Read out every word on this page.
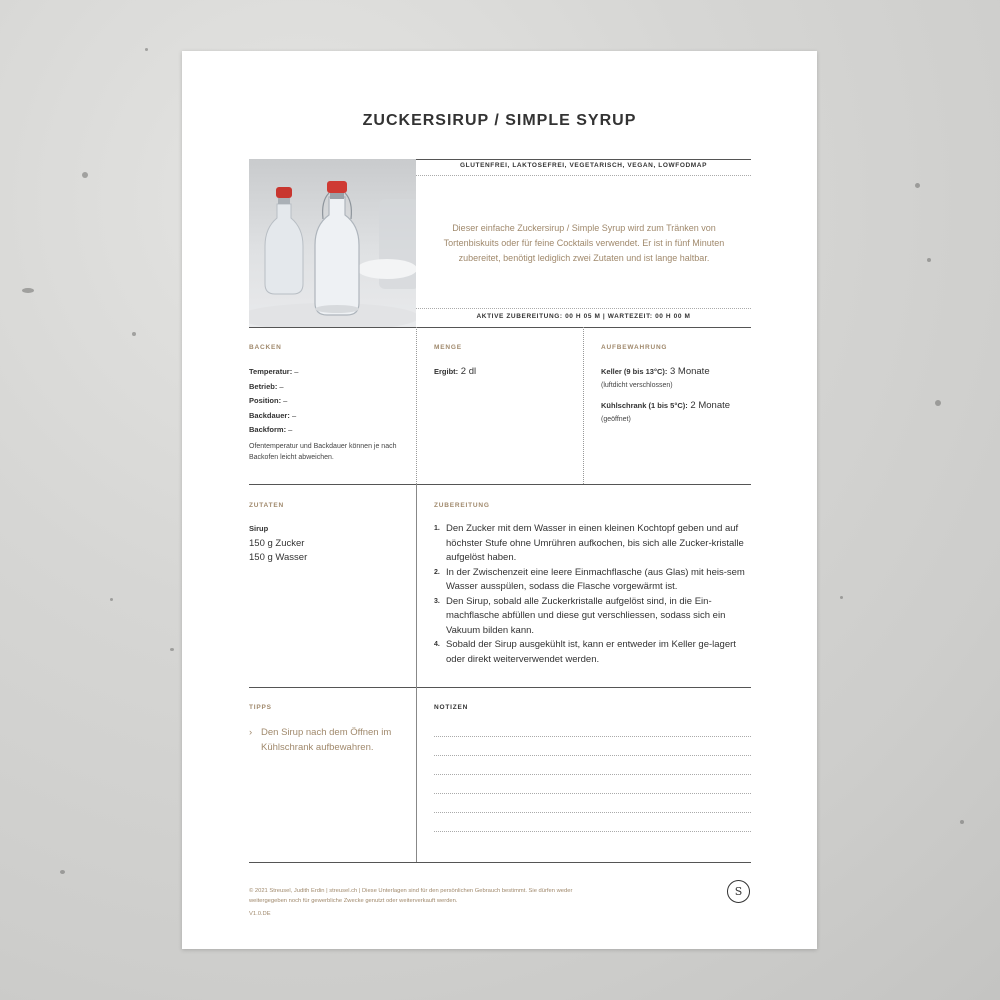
ZUCKERSIRUP / SIMPLE SYRUP
GLUTENFREI, LAKTOSEFREI, VEGETARISCH, VEGAN, LOWFODMAP
Dieser einfache Zuckersirup / Simple Syrup wird zum Tränken von Tortenbiskuits oder für feine Cocktails verwendet. Er ist in fünf Minuten zubereitet, benötigt lediglich zwei Zutaten und ist lange haltbar.
AKTIVE ZUBEREITUNG: 00 H 05 M | WARTEZEIT: 00 H 00 M
BACKEN
Temperatur: –
Betrieb: –
Position: –
Backdauer: –
Backform: –
Ofentemperatur und Backdauer können je nach Backofen leicht abweichen.
MENGE
Ergibt: 2 dl
AUFBEWAHRUNG
Keller (9 bis 13°C): 3 Monate
(luftdicht verschlossen)
Kühlschrank (1 bis 5°C): 2 Monate
(geöffnet)
ZUTATEN
Sirup
150 g Zucker
150 g Wasser
ZUBEREITUNG
1. Den Zucker mit dem Wasser in einen kleinen Kochtopf geben und auf höchster Stufe ohne Umrühren aufkochen, bis sich alle Zucker-kristalle aufgelöst haben.
2. In der Zwischenzeit eine leere Einmachflasche (aus Glas) mit heis-sem Wasser ausspülen, sodass die Flasche vorgewärmt ist.
3. Den Sirup, sobald alle Zuckerkristalle aufgelöst sind, in die Ein-machflasche abfüllen und diese gut verschliessen, sodass sich ein Vakuum bilden kann.
4. Sobald der Sirup ausgekühlt ist, kann er entweder im Keller ge-lagert oder direkt weiterverwendet werden.
TIPPS
› Den Sirup nach dem Öffnen im Kühlschrank aufbewahren.
NOTIZEN
© 2021 Streusel, Judith Erdin | streusel.ch | Diese Unterlagen sind für den persönlichen Gebrauch bestimmt. Sie dürfen weder
weitergegeben noch für gewerbliche Zwecke genutzt oder weiterverkauft werden.
V1.0.DE
S
